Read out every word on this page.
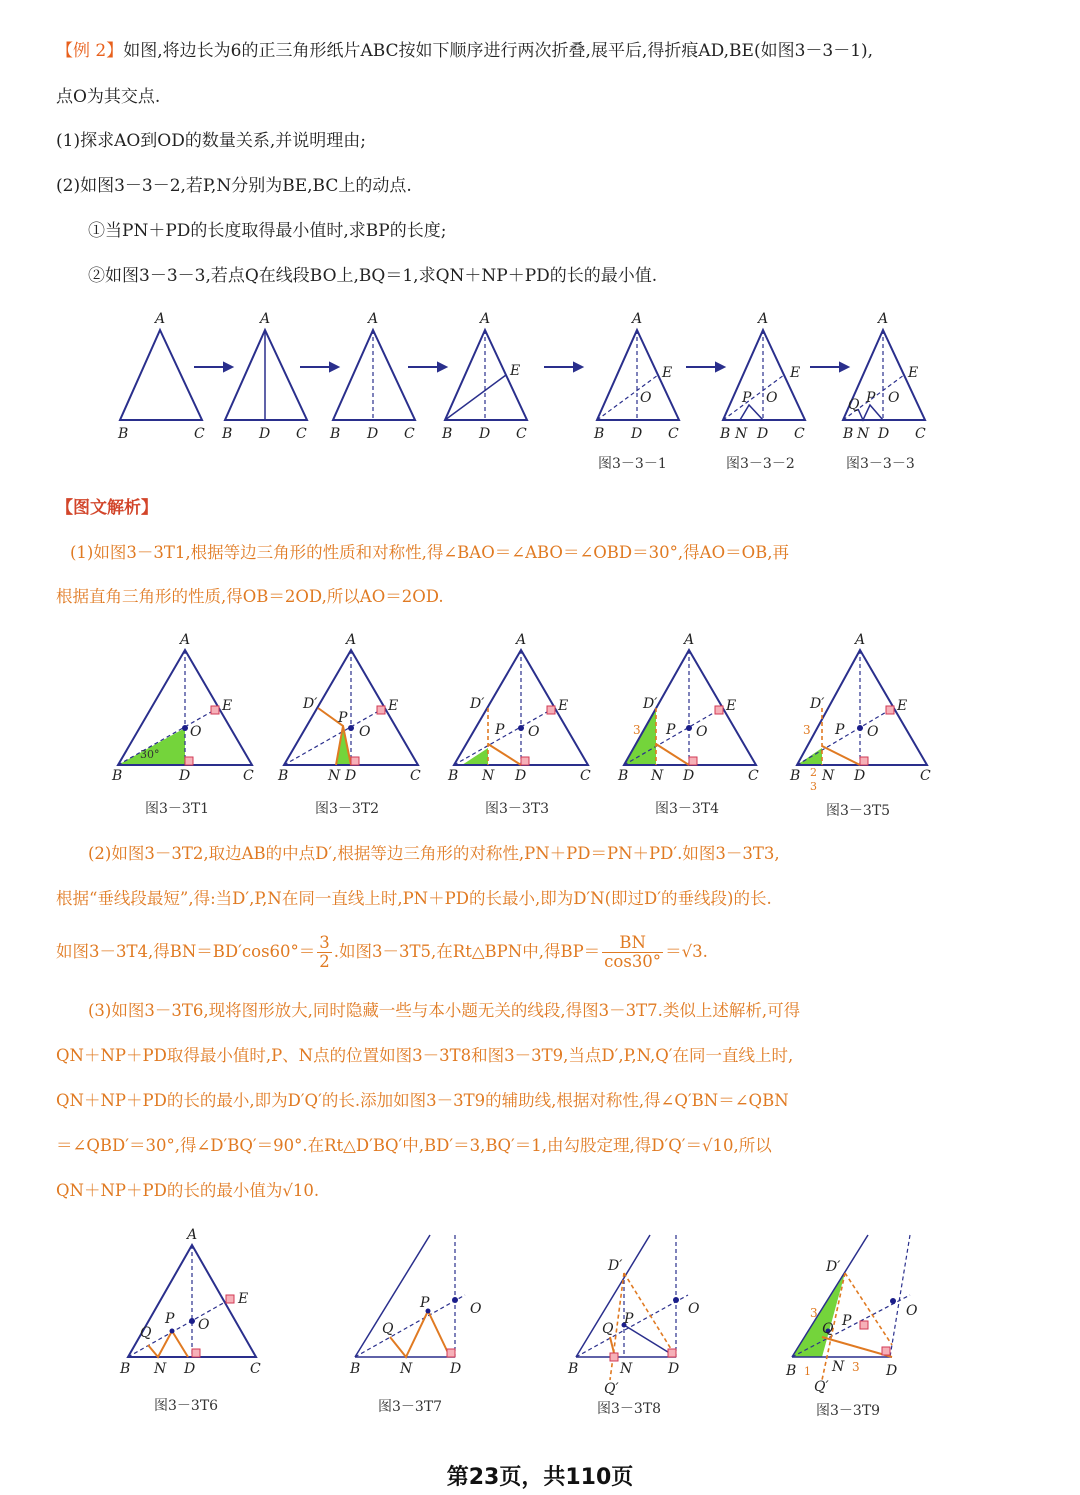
【例 2】如图,将边长为6的正三角形纸片ABC按如下顺序进行两次折叠,展平后,得折痕AD,BE(如图3－3－1),
点O为其交点.
(1)探求AO到OD的数量关系,并说明理由;
(2)如图3－3－2,若P,N分别为BE,BC上的动点.
①当PN＋PD的长度取得最小值时,求BP的长度;
②如图3－3－3,若点Q在线段BO上,BQ＝1,求QN＋NP＋PD的长的最小值.
A
B	C
A
B D C
A
B D C
A
E
B D C
A
E
O
B D C
图3－3－1
A
E
P O
B N D C
图3－3－2
A
E
Q P O
B N D C
图3－3－3
【图文解析】
(1)如图3－3T1,根据等边三角形的性质和对称性,得∠BAO＝∠ABO＝∠OBD＝30°,得AO＝OB,再
根据直角三角形的性质,得OB＝2OD,所以AO＝2OD.
A
E
O
30°
B	D	C
图3－3T1
A
E
D′
P
O
B	N D	C
图3－3T2
A
E
D′
P O
B N D	C
图3－3T3
A
E
D′
3 P O
B N D	C
图3－3T4
A
E
D′
3 P O
B 2
3
N D	C
图3－3T5
(2)如图3－3T2,取边AB的中点D′,根据等边三角形的对称性,PN＋PD＝PN＋PD′.如图3－3T3,
根据“垂线段最短”,得:当D′,P,N在同一直线上时,PN＋PD的长最小,即为D′N(即过D′的垂线段)的长.
如图3－3T4,得$BN=BD'\cos 60^\circ= \frac{3}{2}$ .如图3－3T5,在Rt△BPN中,得$BP= \frac{BN}{\cos 30^\circ} =√3$.
(3)如图3－3T6,现将图形放大,同时隐藏一些与本小题无关的线段,得图3－3T7.类似上述解析,可得
QN＋NP＋PD取得最小值时,P、N点的位置如图3－3T8和图3－3T9,当点D′,P,N,Q′在同一直线上时,
QN＋NP＋PD的长的最小,即为D′Q′的长.添加如图3－3T9的辅助线,根据对称性,得∠Q′BN＝∠QBN
＝∠QBD′＝30°,得∠D′BQ′＝90°.在Rt△D′BQ′中,BD′＝3,BQ′＝1,由勾股定理,得D′Q′＝√10,所以
QN＋NP＋PD的长的最小值为√10.
A
E
O
P
Q
B N D	C
图3－3T6
O
P
Q
B	N	D
图3－3T7
D′
O
P
Q
B	N	D
Q′
图3－3T8
D′
3	O
P
Q
B 1 N 3 D
Q′
图3－3T9
第23页，共110页
